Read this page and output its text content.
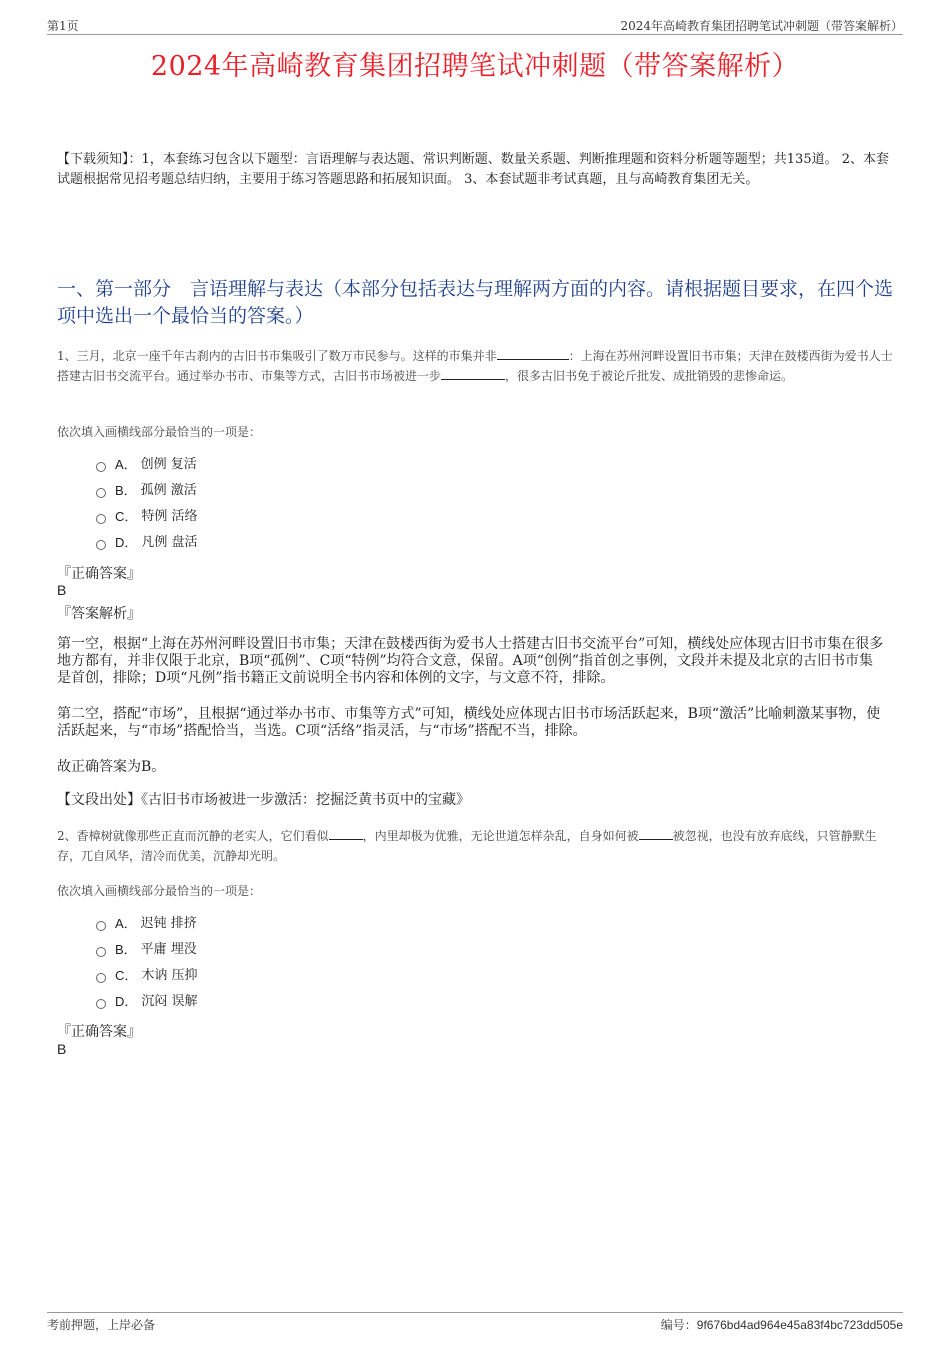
第1页	2024年高崎教育集团招聘笔试冲刺题（带答案解析）
2024年高崎教育集团招聘笔试冲刺题（带答案解析）
【下载须知】：1，本套练习包含以下题型：言语理解与表达题、常识判断题、数量关系题、判断推理题和资料分析题等题型；共135道。 2、本套试题根据常见招考题总结归纳，主要用于练习答题思路和拓展知识面。 3、本套试题非考试真题，且与高崎教育集团无关。
一、第一部分　言语理解与表达（本部分包括表达与理解两方面的内容。请根据题目要求，在四个选项中选出一个最恰当的答案。）
1、三月，北京一座千年古刹内的古旧书市集吸引了数万市民参与。这样的市集并非	：上海在苏州河畔设置旧书市集；天津在鼓楼西街为爱书人士搭建古旧书交流平台。通过举办书市、市集等方式，古旧书市场被进一步	，很多古旧书免于被论斤批发、成批销毁的悲惨命运。
依次填入画横线部分最恰当的一项是：
A． 创例 复活
B． 孤例 激活
C． 特例 活络
D． 凡例 盘活
『正确答案』
B
『答案解析』
第一空，根据“上海在苏州河畔设置旧书市集；天津在鼓楼西街为爱书人士搭建古旧书交流平台”可知，横线处应体现古旧书市集在很多地方都有，并非仅限于北京，B项“孤例”、C项“特例”均符合文意，保留。A项“创例”指首创之事例，文段并未提及北京的古旧书市集是首创，排除；D项“凡例”指书籍正文前说明全书内容和体例的文字，与文意不符，排除。
第二空，搭配“市场”，且根据“通过举办书市、市集等方式”可知，横线处应体现古旧书市场活跃起来，B项“激活”比喻刺激某事物，使活跃起来，与“市场”搭配恰当，当选。C项“活络”指灵活，与“市场”搭配不当，排除。
故正确答案为B。
【文段出处】《古旧书市场被进一步激活：挖掘泛黄书页中的宝藏》
2、香樟树就像那些正直而沉静的老实人，它们看似	，内里却极为优雅，无论世道怎样杂乱，自身如何被	被忽视，也没有放弃底线，只管静默生存，兀自风华，清冷而优美，沉静却光明。
依次填入画横线部分最恰当的一项是：
A． 迟钝 排挤
B． 平庸 埋没
C． 木讷 压抑
D． 沉闷 误解
『正确答案』
B
考前押题，上岸必备	编号：9f676bd4ad964e45a83f4bc723dd505e
